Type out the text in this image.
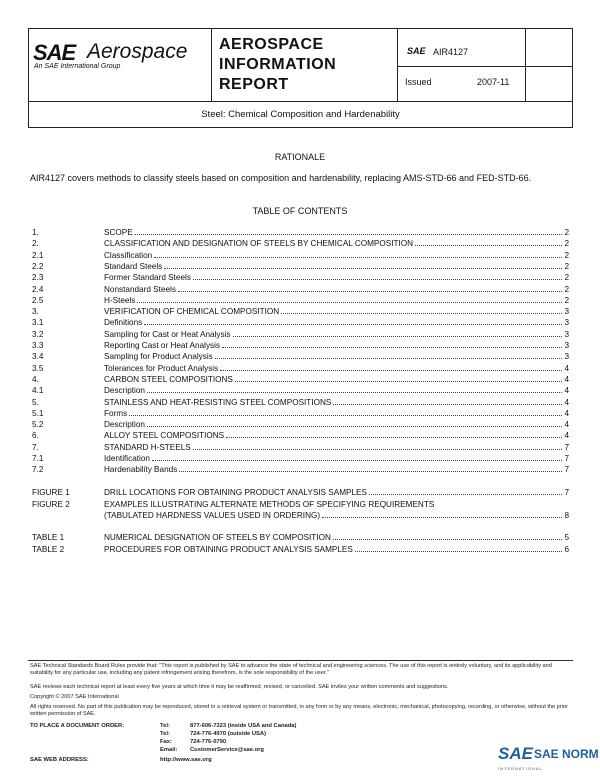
SAE Aerospace
An SAE International Group
AEROSPACE
INFORMATION
REPORT
SAE AIR4127
Issued	2007-11
Steel: Chemical Composition and Hardenability
RATIONALE
AIR4127 covers methods to classify steels based on composition and hardenability, replacing AMS-STD-66 and FED-STD-66.
TABLE OF CONTENTS
1.	SCOPE	2
2.	CLASSIFICATION AND DESIGNATION OF STEELS BY CHEMICAL COMPOSITION	2
2.1	Classification	2
2.2	Standard Steels	2
2.3	Former Standard Steels	2
2.4	Nonstandard Steels	2
2.5	H-Steels	2
3.	VERIFICATION OF CHEMICAL COMPOSITION	3
3.1	Definitions	3
3.2	Sampling for Cast or Heat Analysis	3
3.3	Reporting Cast or Heat Analysis	3
3.4	Sampling for Product Analysis	3
3.5	Tolerances for Product Analysis	4
4.	CARBON STEEL COMPOSITIONS	4
4.1	Description	4
5.	STAINLESS AND HEAT-RESISTING STEEL COMPOSITIONS	4
5.1	Forms	4
5.2	Description	4
6.	ALLOY STEEL COMPOSITIONS	4
7.	STANDARD H-STEELS	7
7.1	Identification	7
7.2	Hardenability Bands	7
FIGURE 1	DRILL LOCATIONS FOR OBTAINING PRODUCT ANALYSIS SAMPLES	7
FIGURE 2	EXAMPLES ILLUSTRATING ALTERNATE METHODS OF SPECIFYING REQUIREMENTS
(TABULATED HARDNESS VALUES USED IN ORDERING)	8
TABLE 1	NUMERICAL DESIGNATION OF STEELS BY COMPOSITION	5
TABLE 2	PROCEDURES FOR OBTAINING PRODUCT ANALYSIS SAMPLES	6
SAE Technical Standards Board Rules provide that: "This report is published by SAE to advance the state of technical and engineering sciences. The use of this report is entirely voluntary, and its applicability and suitability for any particular use, including any patent infringement arising therefrom, is the sole responsibility of the user."
SAE reviews each technical report at least every five years at which time it may be reaffirmed, revised, or cancelled. SAE invites your written comments and suggestions.
Copyright © 2007 SAE International
All rights reserved. No part of this publication may be reproduced, stored in a retrieval system or transmitted, in any form or by any means, electronic, mechanical, photocopying, recording, or otherwise, without the prior written permission of SAE.
TO PLACE A DOCUMENT ORDER:	Tel:	877-606-7323 (inside USA and Canada)
Tel:	724-776-4970 (outside USA)
Fax:	724-776-0790
Email: CustomerService@sae.org
SAE WEB ADDRESS:	http://www.sae.org	SAE SAE NORM
INTERNATIONAL
